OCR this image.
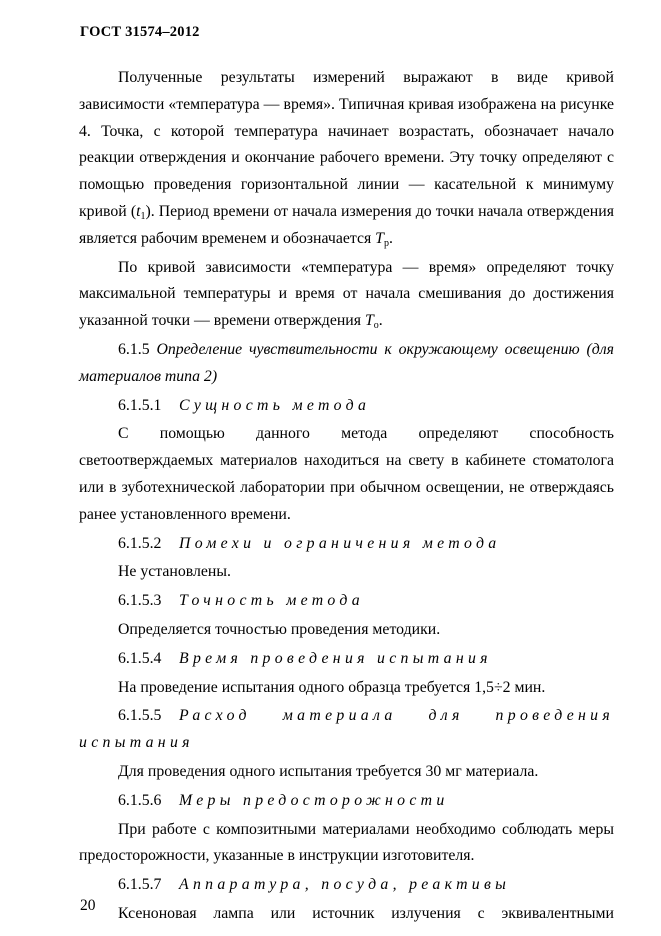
ГОСТ 31574–2012

Полученные результаты измерений выражают в виде кривой зависимости «температура — время». Типичная кривая изображена на рисунке 4. Точка, с которой температура начинает возрастать, обозначает начало реакции отверждения и окончание рабочего времени. Эту точку определяют с помощью проведения горизонтальной линии — касательной к минимуму кривой $(t_1)$. Период времени от начала измерения до точки начала отверждения является рабочим временем и обозначается $T_р$.

По кривой зависимости «температура — время» определяют точку максимальной температуры и время от начала смешивания до достижения указанной точки — времени отверждения $T_о$.

6.1.5 Определение чувствительности к окружающему освещению (для материалов типа 2)

6.1.5.1 Сущность метода

С помощью данного метода определяют способность светоотверждаемых материалов находиться на свету в кабинете стоматолога или в зуботехнической лаборатории при обычном освещении, не отверждаясь ранее установленного времени.

6.1.5.2 Помехи и ограничения метода

Не установлены.

6.1.5.3 Точность метода

Определяется точностью проведения методики.

6.1.5.4 Время проведения испытания

На проведение испытания одного образца требуется 1,5÷2 мин.

6.1.5.5 Расход материала для проведения испытания

Для проведения одного испытания требуется 30 мг материала.

6.1.5.6 Меры предосторожности

При работе с композитными материалами необходимо соблюдать меры предосторожности, указанные в инструкции изготовителя.

6.1.5.7 Аппаратура, посуда, реактивы

Ксеноновая лампа или источник излучения с эквивалентными

20
